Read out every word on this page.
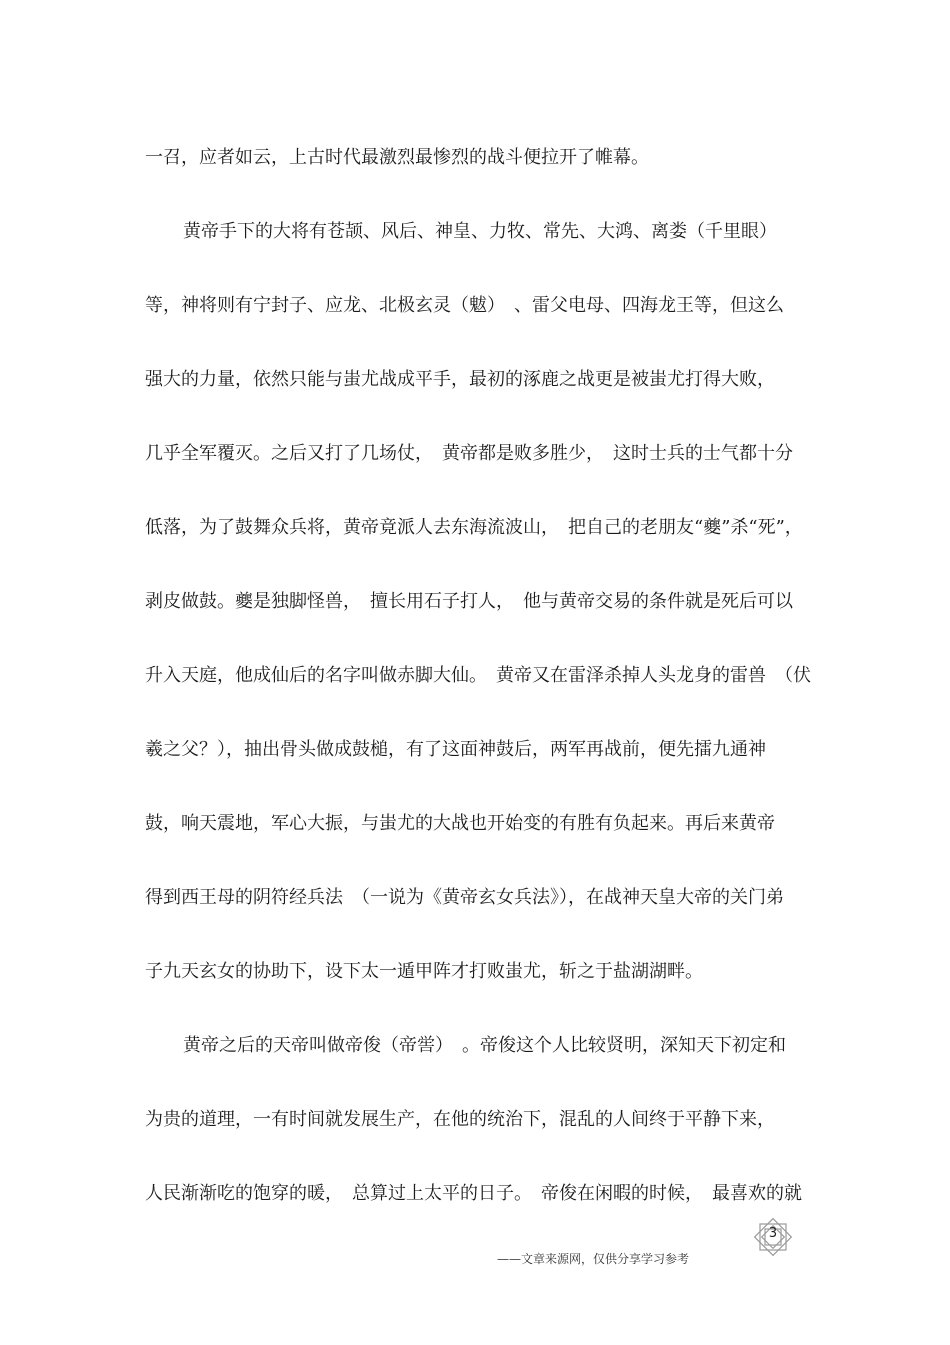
一召，应者如云，上古时代最激烈最惨烈的战斗便拉开了帷幕。
黄帝手下的大将有苍颉、风后、神皇、力牧、常先、大鸿、离娄（千里眼）
等，神将则有宁封子、应龙、北极玄灵（魃）　、雷父电母、四海龙王等，但这么
强大的力量，依然只能与蚩尤战成平手，最初的涿鹿之战更是被蚩尤打得大败，
几乎全军覆灭。之后又打了几场仗，　黄帝都是败多胜少，　这时士兵的士气都十分
低落，为了鼓舞众兵将，黄帝竟派人去东海流波山，　把自己的老朋友“夔”杀“死”，
剥皮做鼓。夔是独脚怪兽，　擅长用石子打人，　他与黄帝交易的条件就是死后可以
升入天庭，他成仙后的名字叫做赤脚大仙。　黄帝又在雷泽杀掉人头龙身的雷兽　（伏
羲之父？），抽出骨头做成鼓槌，有了这面神鼓后，两军再战前，便先擂九通神
鼓，响天震地，军心大振，与蚩尤的大战也开始变的有胜有负起来。再后来黄帝
得到西王母的阴符经兵法　（一说为《黄帝玄女兵法》），在战神天皇大帝的关门弟
子九天玄女的协助下，设下太一遁甲阵才打败蚩尤，斩之于盐湖湖畔。
黄帝之后的天帝叫做帝俊（帝喾）　。帝俊这个人比较贤明，深知天下初定和
为贵的道理，一有时间就发展生产，在他的统治下，混乱的人间终于平静下来，
人民渐渐吃的饱穿的暖，　总算过上太平的日子。　帝俊在闲暇的时候，　最喜欢的就
3
——文章来源网，仅供分享学习参考
